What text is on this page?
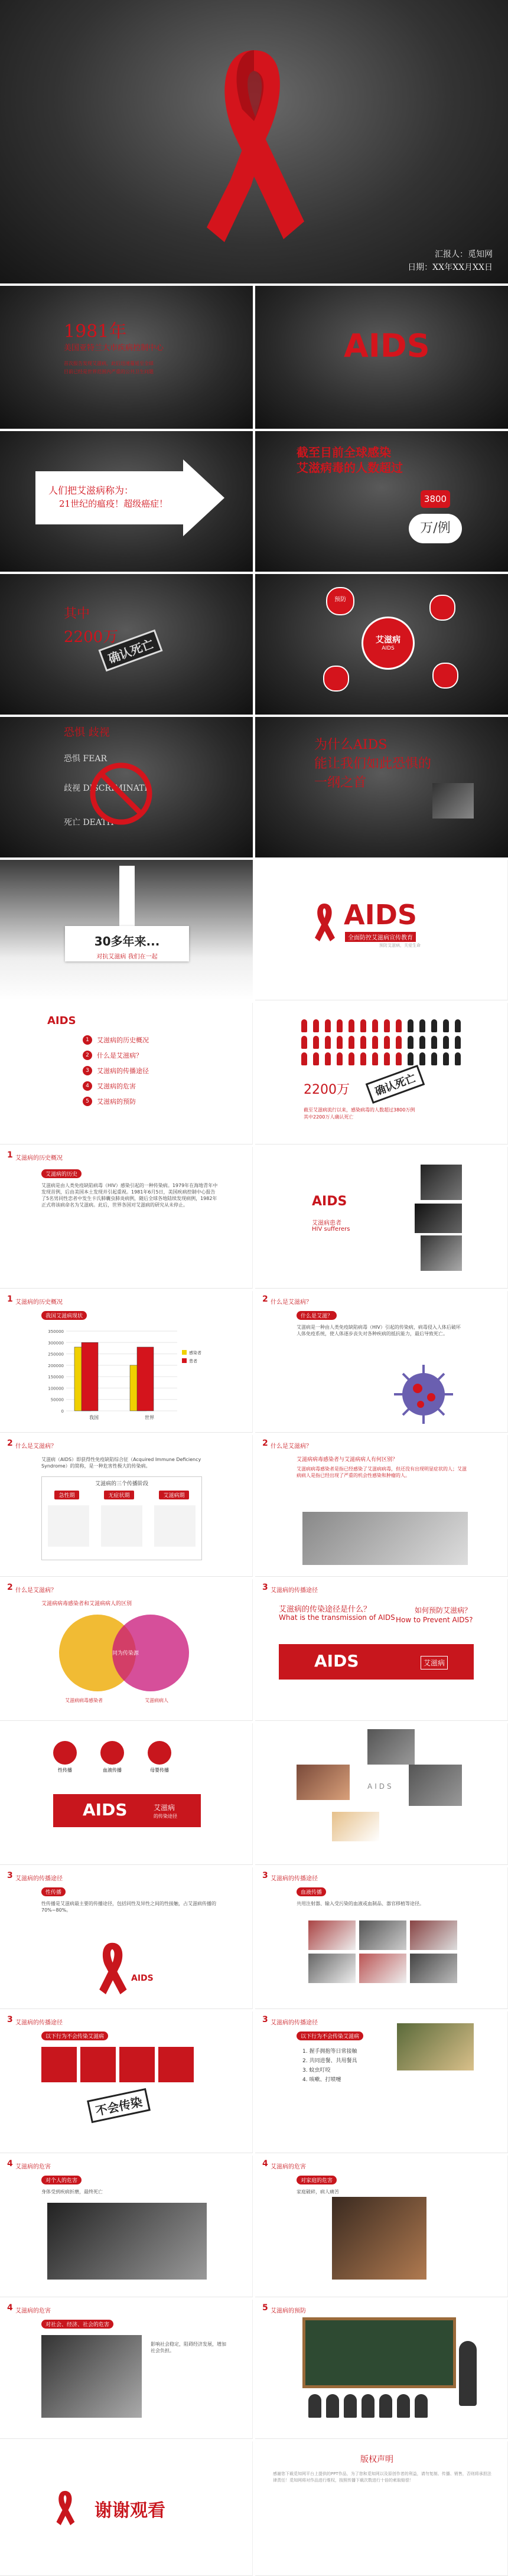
汇报人：觅知网
日期：XX年XX月XX日
1981年
美国亚特兰大市疾病控制中心
首次报告发现艾滋病，此后迅速蔓延至全球
目前已经是世界范围内严重的公共卫生问题
AIDS
人们把艾滋病称为：
21世纪的瘟疫！超级癌症！
截至目前全球感染
艾滋病毒的人数超过
3800
万/例
其中
2200万
确认死亡	艾滋病
AIDS
预防
恐惧 歧视
恐惧 FEAR
歧视 DISCRIMINATE
死亡 DEATH
为什么AIDS
能让我们如此恐惧的
一纲之首
30多年来...
对抗艾滋病 我们在一起
AIDS
全面防控艾滋病宣传教育
预防艾滋病，关爱生命
AIDS
1	艾滋病的历史概况
2	什么是艾滋病？
3	艾滋病的传播途径
4	艾滋病的危害
5	艾滋病的预防
2200万	确认死亡
截至艾滋病流行以来，感染病毒的人数超过3800万例
其中2200万人确认死亡
1 艾滋病的历史概况
艾滋病的历史
艾滋病是由人类免疫缺陷病毒（HIV）感染引起的一种传染病。1979年在海地青年中发现首例，后由美国本土发现并引起重视。1981年6月5日，美国疾病控制中心报告了5名男同性恋者中发生卡氏肺囊虫肺炎病例，随后全球各地陆续发现病例，1982年正式将该病命名为艾滋病。此后，世界各国对艾滋病的研究从未停止。	AIDS
艾滋病患者
HIV sufferers
1 艾滋病的历史概况
我国艾滋病现状
350000
300000
250000
200000
150000
100000
50000
0
我国	世界
感染者
患者
2 什么是艾滋病？
什么是艾滋？
艾滋病是一种由人类免疫缺陷病毒（HIV）引起的传染病，病毒侵入人体后破坏人体免疫系统，使人体逐步丧失对各种疾病的抵抗能力，最后导致死亡。
2 什么是艾滋病？
艾滋病（AIDS）即获得性免疫缺陷综合征（Acquired Immune Deficiency Syndrome）的简称，是一种危害性极大的传染病。
艾滋病的三个传播阶段
急性期	无症状期	艾滋病期
2 什么是艾滋病？
艾滋病病毒感染者与艾滋病病人有何区别？
艾滋病病毒感染者是指已经感染了艾滋病病毒，但还没有出现明显症状的人；艾滋病病人是指已经出现了严重的机会性感染和肿瘤的人。
2 什么是艾滋病？
艾滋病病毒感染者和艾滋病病人的区别
同为传染源
艾滋病病毒感染者	艾滋病病人
3 艾滋病的传播途径
艾滋病的传染途径是什么？
What is the transmission of AIDS
如何预防艾滋病？
How to Prevent AIDS?
AIDS	艾滋病
性传播	血液传播	母婴传播
AIDS	艾滋病
的传染途径
AIDS
3 艾滋病的传播途径
性传播
性传播是艾滋病最主要的传播途径，包括同性及异性之间的性接触，占艾滋病传播的70%~80%。
AIDS
3 艾滋病的传播途径
血液传播
共用注射器、输入受污染的血液或血制品、器官移植等途径。
3 艾滋病的传播途径
以下行为不会传染艾滋病
不会传染
3 艾滋病的传播途径
以下行为不会传染艾滋病
1. 握手拥抱等日常接触
2. 共同进餐、共用餐具
3. 蚊虫叮咬
4. 咳嗽、打喷嚏
4 艾滋病的危害
对个人的危害
身体受到疾病折磨，最终死亡
4 艾滋病的危害
对家庭的危害
家庭破碎，病人痛苦
4 艾滋病的危害
对社会、经济、社会的危害
影响社会稳定，阻碍经济发展，增加社会负担。
5 艾滋病的预防
谢谢观看
版权声明
感谢您下载觅知网平台上提供的PPT作品，为了您和觅知网以及原创作者的利益，请勿复制、传播、销售，否则将承担法律责任！觅知网将对作品进行维权，按照传播下载次数进行十倍的索取赔偿！
